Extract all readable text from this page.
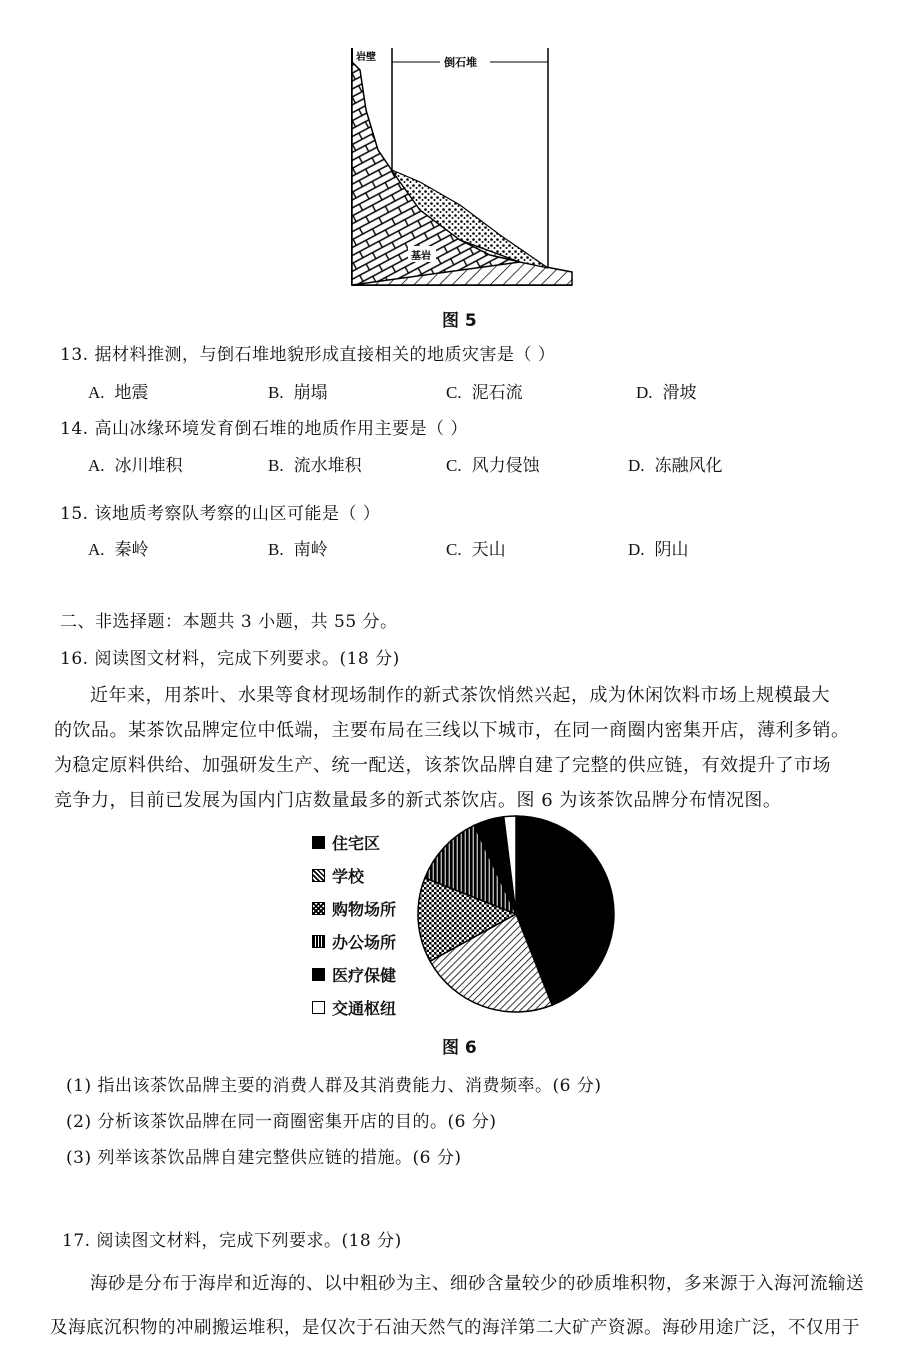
岩壁	倒石堆
基岩
图 5
13. 据材料推测，与倒石堆地貌形成直接相关的地质灾害是（ ）
A. 地震	B. 崩塌	C. 泥石流	D. 滑坡
14. 高山冰缘环境发育倒石堆的地质作用主要是（ ）
A. 冰川堆积	B. 流水堆积	C. 风力侵蚀	D. 冻融风化
15. 该地质考察队考察的山区可能是（ ）
A. 秦岭	B. 南岭	C. 天山	D. 阴山
二、非选择题：本题共 3 小题，共 55 分。
16. 阅读图文材料，完成下列要求。(18 分)
近年来，用茶叶、水果等食材现场制作的新式茶饮悄然兴起，成为休闲饮料市场上规模最大
的饮品。某茶饮品牌定位中低端，主要布局在三线以下城市，在同一商圈内密集开店，薄利多销。
为稳定原料供给、加强研发生产、统一配送，该茶饮品牌自建了完整的供应链，有效提升了市场
竞争力，目前已发展为国内门店数量最多的新式茶饮店。图 6 为该茶饮品牌分布情况图。
住宅区
学校
购物场所
办公场所
医疗保健
交通枢纽
图 6
(1) 指出该茶饮品牌主要的消费人群及其消费能力、消费频率。(6 分)
(2) 分析该茶饮品牌在同一商圈密集开店的目的。(6 分)
(3) 列举该茶饮品牌自建完整供应链的措施。(6 分)
17. 阅读图文材料，完成下列要求。(18 分)
海砂是分布于海岸和近海的、以中粗砂为主、细砂含量较少的砂质堆积物，多来源于入海河流输送
及海底沉积物的冲刷搬运堆积，是仅次于石油天然气的海洋第二大矿产资源。海砂用途广泛，不仅用于
